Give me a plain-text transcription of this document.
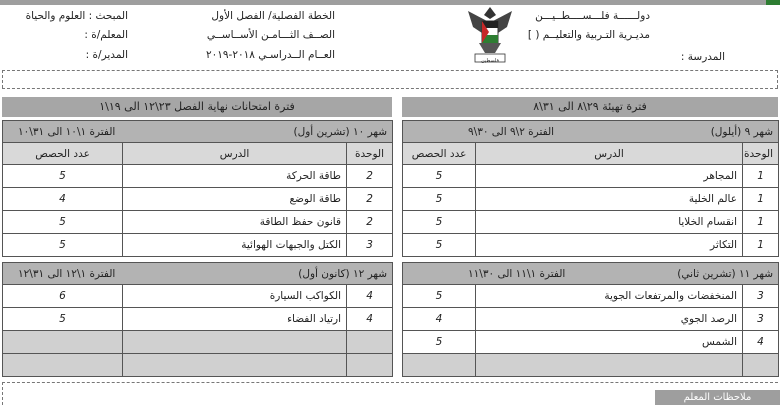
دولــــــة فلـــســــطــيـــن
مديـرية التـربية والتعليــم ( ]
المدرسة :
الخطة الفصلية/ الفصل الأول
الصــف الثـــامـن الأســاســي
العــام الــدراسـي ٢٠١٨-٢٠١٩
المبحث : العلوم والحياة
المعلم/ة :
المدير/ة :	فلسطين
فترة تهيئة ٢٩\٨ الى ٣١\٨
فترة امتحانات نهاية الفصل ٢٣\١٢ الى ١٩\١
شهر ٩ (أيلول)
الفترة ٢\٩ الى ٣٠\٩		

الوحدة	الدرس	عدد الحصص
1	المجاهر	5
1	عالم الخلية	5
1	انقسام الخلايا	5
1	التكاثر	5
شهر ١١ (تشرين ثاني)
الفترة ١\١١ الى ٣٠\١١		

3	المنخفضات والمرتفعات الجوية	5
3	الرصد الجوي	4
4	الشمس	5

شهر ١٠ (تشرين أول)
الفترة ١\١٠ الى ٣١\١٠		

الوحدة	الدرس	عدد الحصص
2	طاقة الحركة	5
2	طاقة الوضع	4
2	قانون حفظ الطاقة	5
3	الكتل والجبهات الهوائية	5
شهر ١٢ (كانون أول)
الفترة ١\١٢ الى ٣١\١٢		

4	الكواكب السيارة	6
4	ارتياد الفضاء	5

ملاحظات المعلم
